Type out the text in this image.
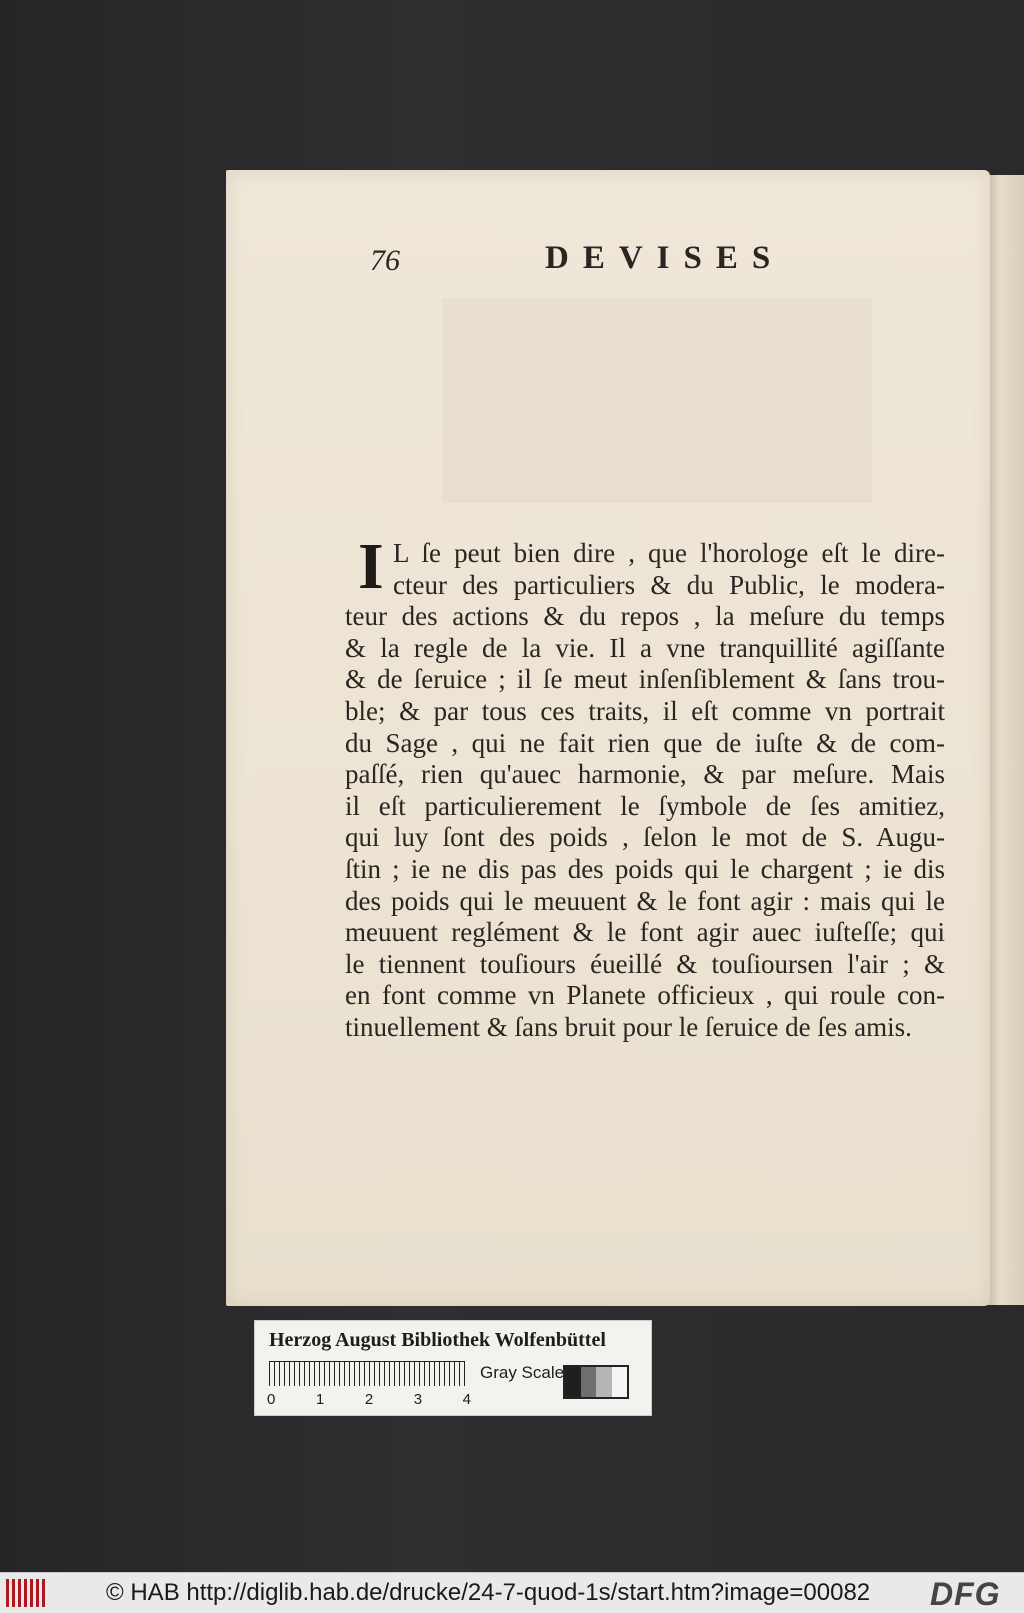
76	DEVISES
I L ſe peut bien dire , que l'horologe eſt le dire-
cteur des particuliers & du Public, le modera-
teur des actions & du repos , la meſure du temps
& la regle de la vie. Il a vne tranquillité agiſſante
& de ſeruice ; il ſe meut inſenſiblement & ſans trou-
ble; & par tous ces traits, il eſt comme vn portrait
du Sage , qui ne fait rien que de iuſte & de com-
paſſé, rien qu'auec harmonie, & par meſure. Mais
il eſt particulierement le ſymbole de ſes amitiez,
qui luy ſont des poids , ſelon le mot de S. Augu-
ſtin ; ie ne dis pas des poids qui le chargent ; ie dis
des poids qui le meuuent & le font agir : mais qui le
meuuent reglément & le font agir auec iuſteſſe; qui
le tiennent touſiours éueillé & touſioursen l'air ; &
en font comme vn Planete officieux , qui roule con-
tinuellement & ſans bruit pour le ſeruice de ſes amis.
Herzog August Bibliothek Wolfenbüttel
0	1	2	3	4
Gray Scale
© HAB http://diglib.hab.de/drucke/24-7-quod-1s/start.htm?image=00082 DFG
